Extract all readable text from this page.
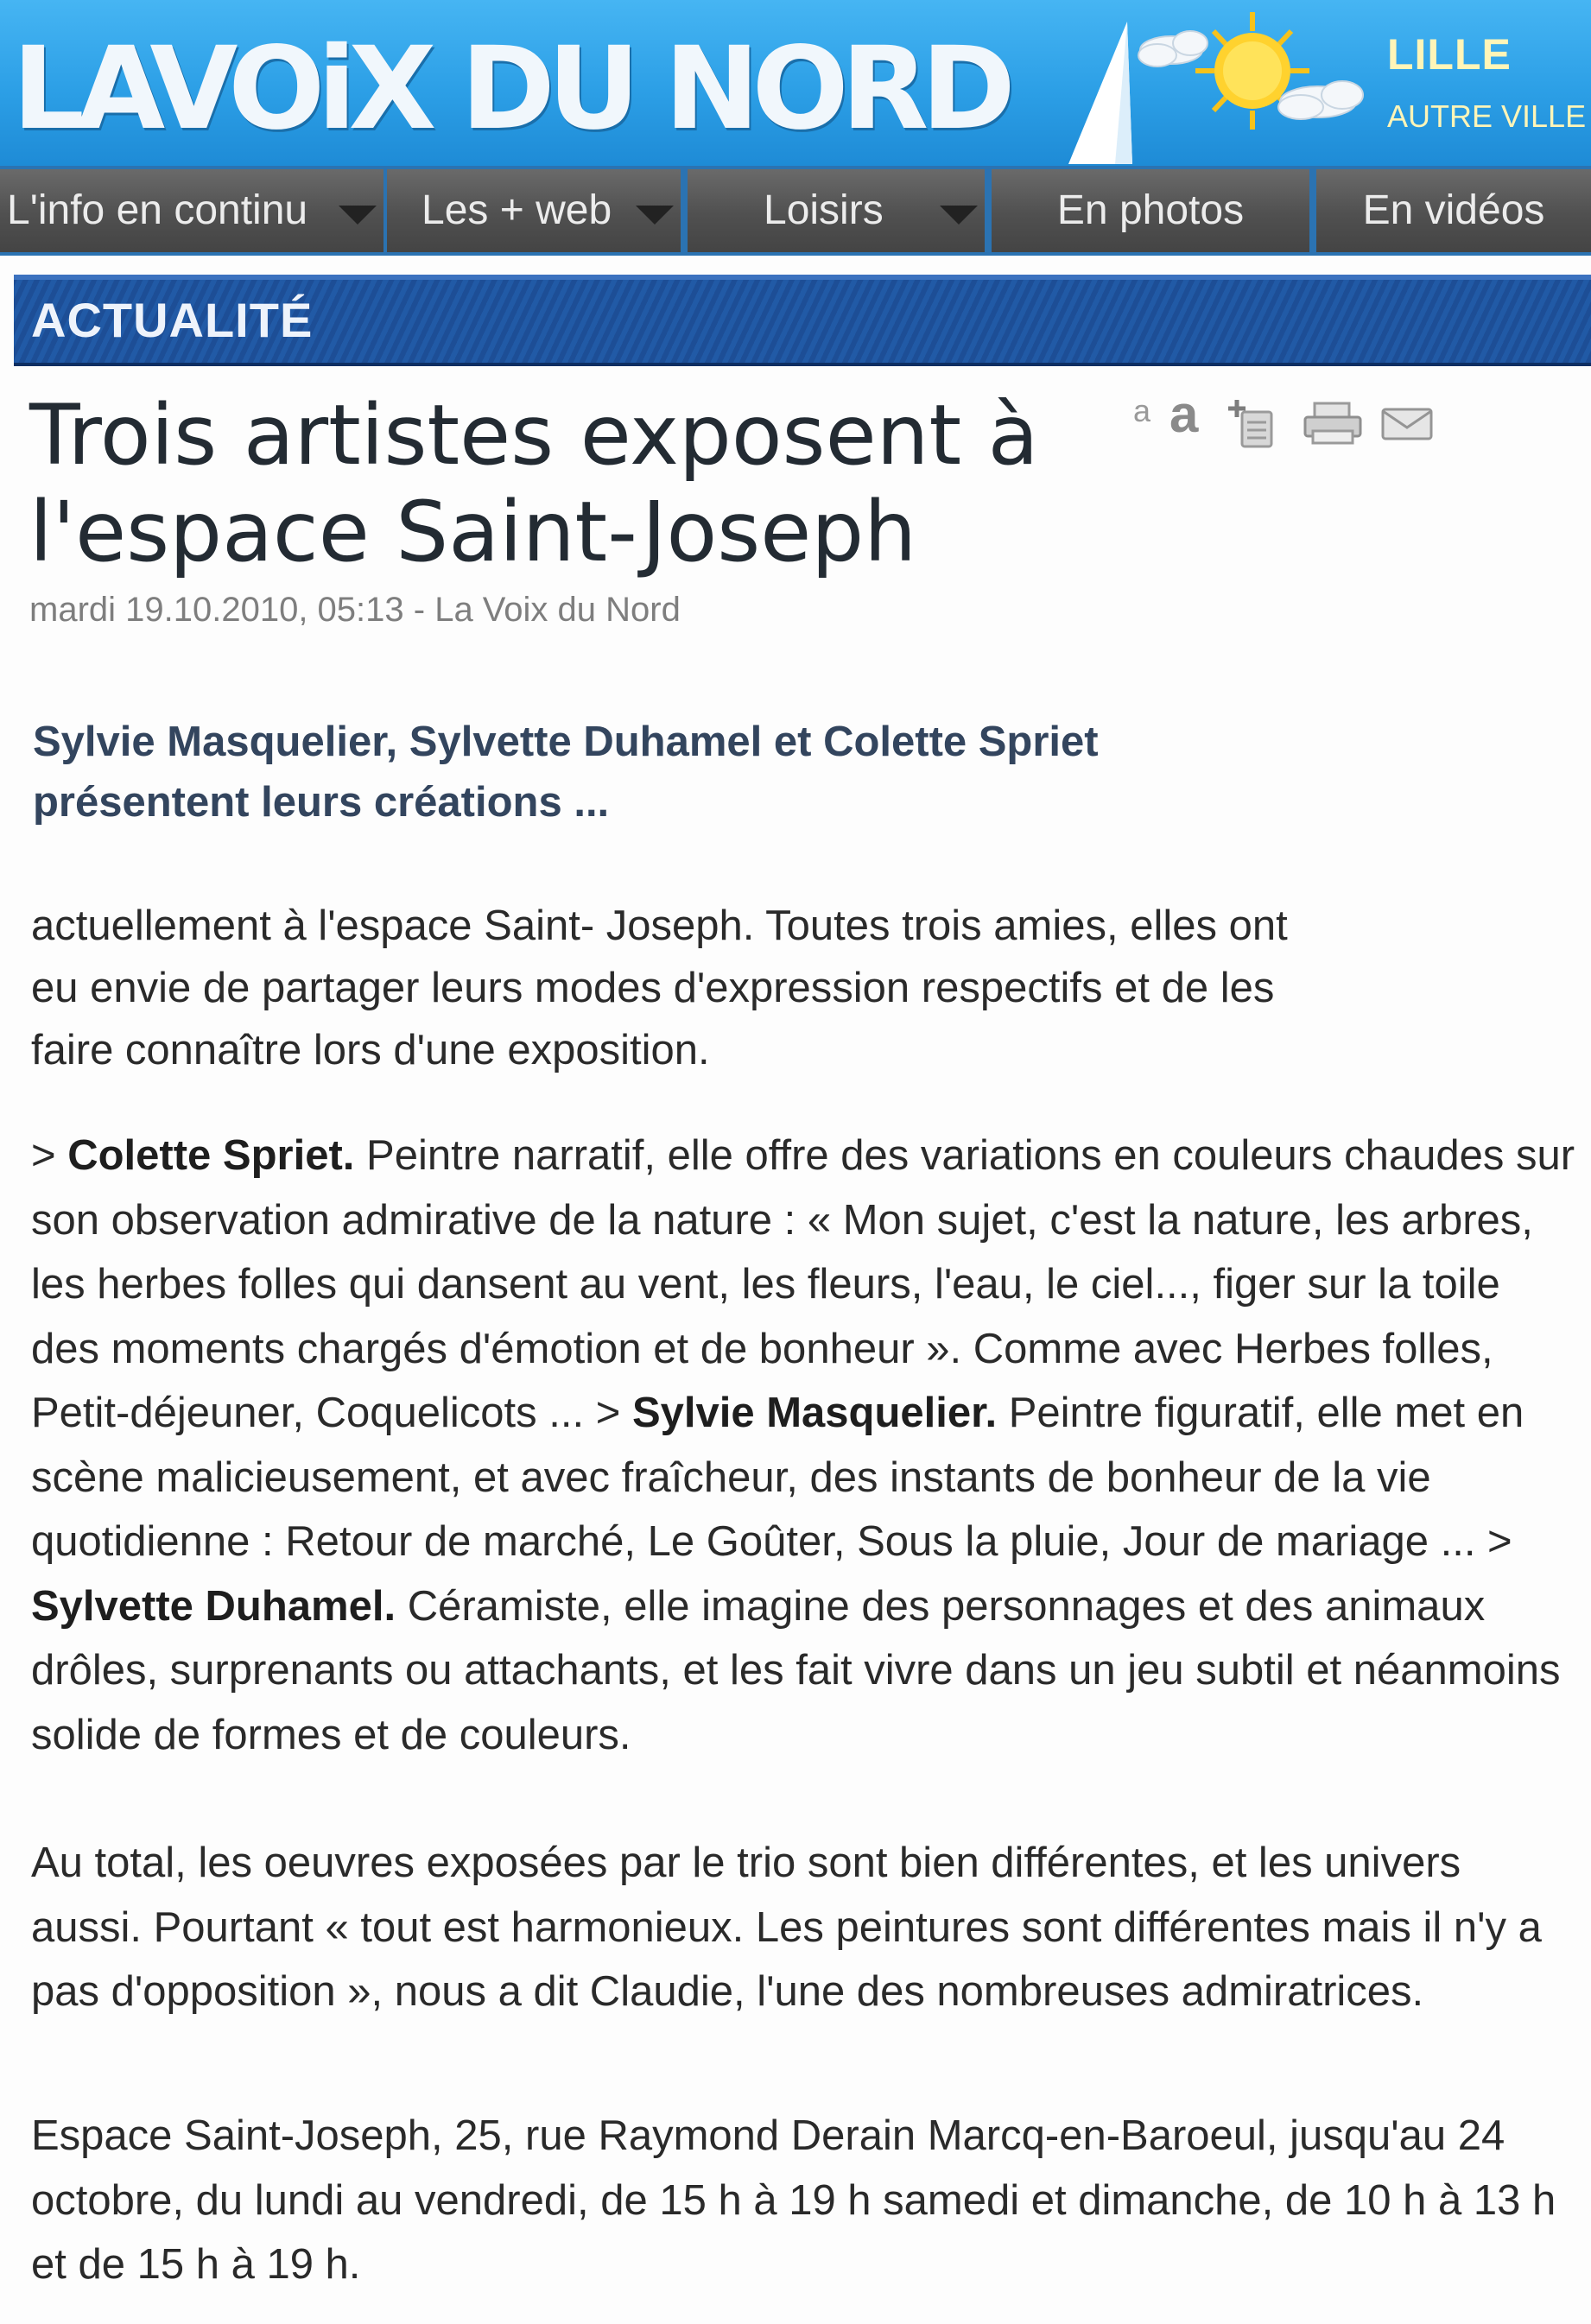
LAVOiX DU NORD	LILLE
AUTRE VILLE
L'info en continu	Les + web	Loisirs	En photos	En vidéos
ACTUALITÉ
Trois artistes exposent à l'espace Saint-Joseph
a a
mardi 19.10.2010, 05:13 - La Voix du Nord

Sylvie Masquelier, Sylvette Duhamel et Colette Spriet présentent leurs créations ...

actuellement à l'espace Saint- Joseph. Toutes trois amies, elles ont eu envie de partager leurs modes d'expression respectifs et de les faire connaître lors d'une exposition.

> Colette Spriet. Peintre narratif, elle offre des variations en couleurs chaudes sur son observation admirative de la nature : « Mon sujet, c'est la nature, les arbres, les herbes folles qui dansent au vent, les fleurs, l'eau, le ciel..., figer sur la toile des moments chargés d'émotion et de bonheur ». Comme avec Herbes folles, Petit-déjeuner, Coquelicots ... > Sylvie Masquelier. Peintre figuratif, elle met en scène malicieusement, et avec fraîcheur, des instants de bonheur de la vie quotidienne : Retour de marché, Le Goûter, Sous la pluie, Jour de mariage ... > Sylvette Duhamel. Céramiste, elle imagine des personnages et des animaux drôles, surprenants ou attachants, et les fait vivre dans un jeu subtil et néanmoins solide de formes et de couleurs.

Au total, les oeuvres exposées par le trio sont bien différentes, et les univers aussi. Pourtant « tout est harmonieux. Les peintures sont différentes mais il n'y a pas d'opposition », nous a dit Claudie, l'une des nombreuses admiratrices.

Espace Saint-Joseph, 25, rue Raymond Derain Marcq-en-Baroeul, jusqu'au 24 octobre, du lundi au vendredi, de 15 h à 19 h samedi et dimanche, de 10 h à 13 h et de 15 h à 19 h.
